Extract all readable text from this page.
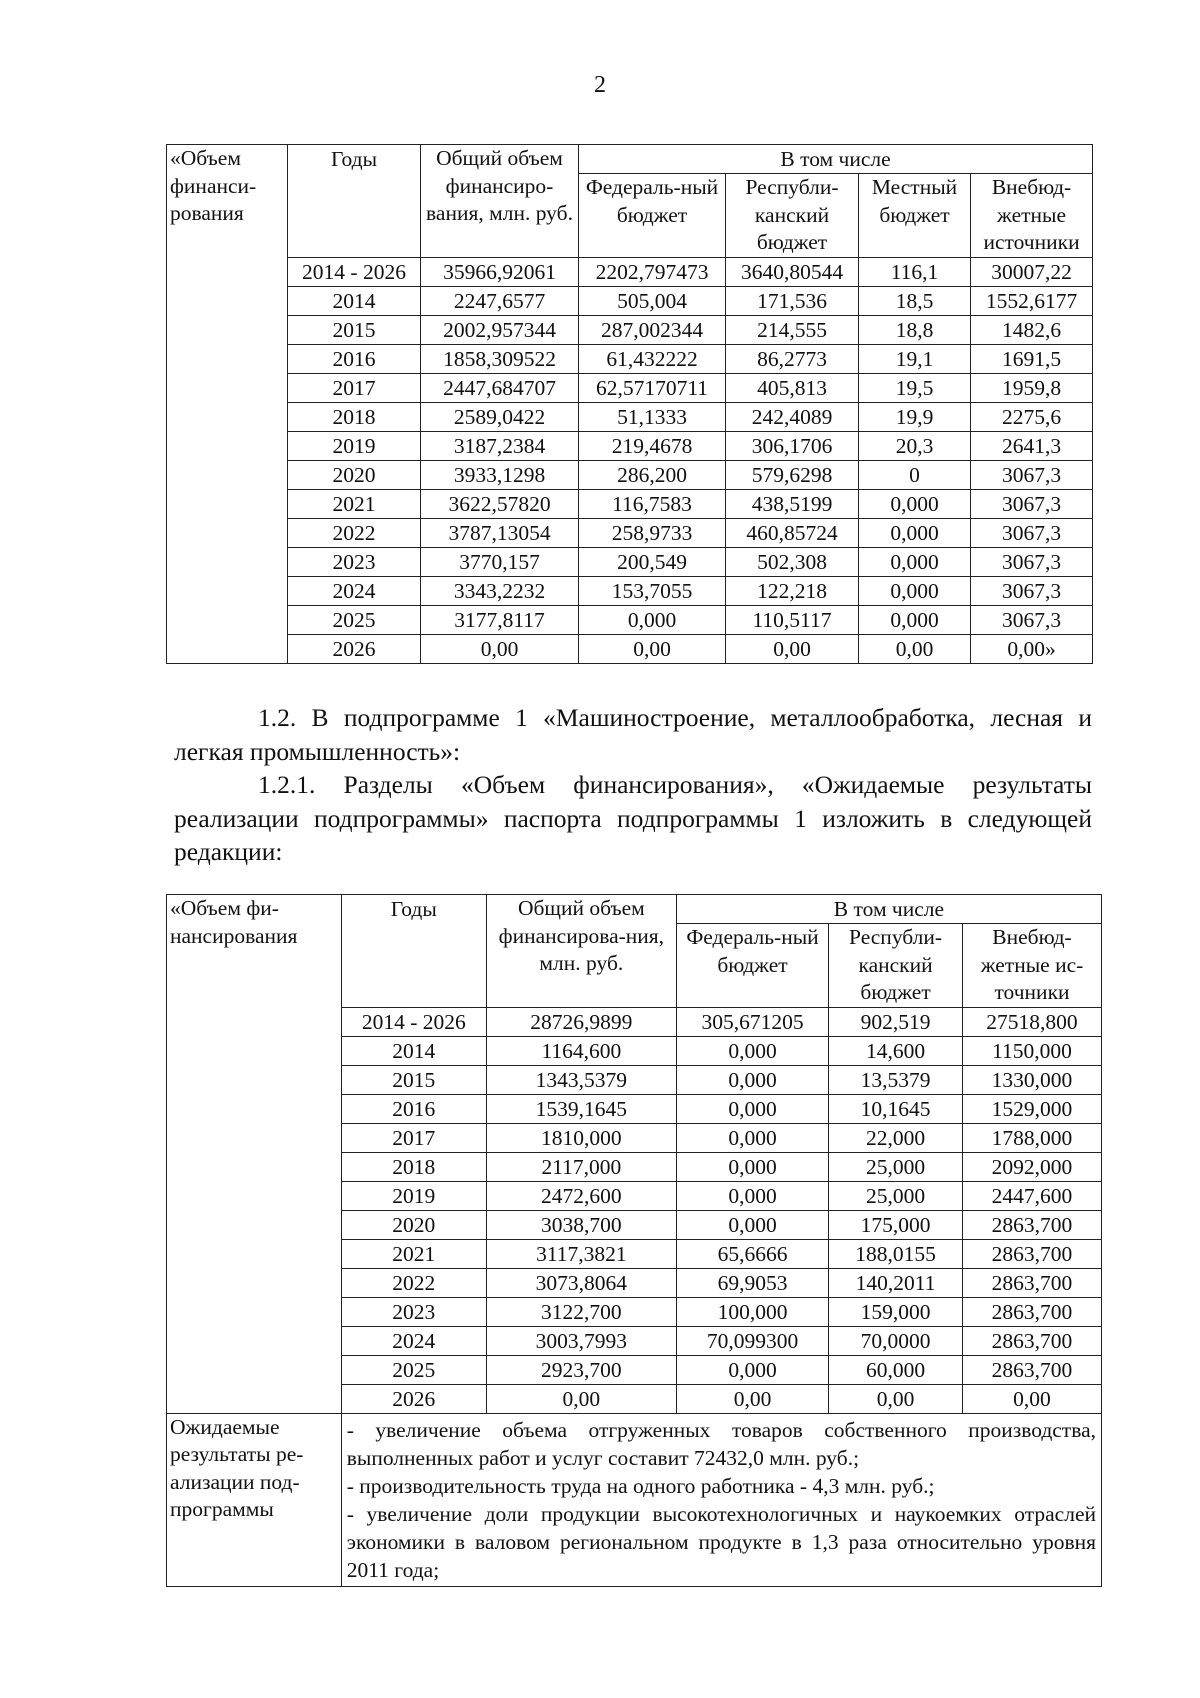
2
«Объем финанси-рования	Годы	Общий объем финансиро-вания, млн. руб.	В том числе			
			Федераль-ный бюджет	Республи-канский бюджет	Местный бюджет	Внебюд-жетные источники
	2014 - 2026	35966,92061	2202,797473	3640,80544	116,1	30007,22
	2014	2247,6577	505,004	171,536	18,5	1552,6177
	2015	2002,957344	287,002344	214,555	18,8	1482,6
	2016	1858,309522	61,432222	86,2773	19,1	1691,5
	2017	2447,684707	62,57170711	405,813	19,5	1959,8
	2018	2589,0422	51,1333	242,4089	19,9	2275,6
	2019	3187,2384	219,4678	306,1706	20,3	2641,3
	2020	3933,1298	286,200	579,6298	0	3067,3
	2021	3622,57820	116,7583	438,5199	0,000	3067,3
	2022	3787,13054	258,9733	460,85724	0,000	3067,3
	2023	3770,157	200,549	502,308	0,000	3067,3
	2024	3343,2232	153,7055	122,218	0,000	3067,3
	2025	3177,8117	0,000	110,5117	0,000	3067,3
	2026	0,00	0,00	0,00	0,00	0,00»
1.2. В подпрограмме 1 «Машиностроение, металлообработка, лесная и легкая промышленность»:
1.2.1. Разделы «Объем финансирования», «Ожидаемые результаты реализации подпрограммы» паспорта подпрограммы 1 изложить в следующей редакции:
«Объем фи-нансирования	Годы	Общий объем финансирова-ния, млн. руб.	В том числе		
			Федераль-ный бюджет	Республи-канский бюджет	Внебюд-жетные ис-точники
	2014 - 2026	28726,9899	305,671205	902,519	27518,800
	2014	1164,600	0,000	14,600	1150,000
	2015	1343,5379	0,000	13,5379	1330,000
	2016	1539,1645	0,000	10,1645	1529,000
	2017	1810,000	0,000	22,000	1788,000
	2018	2117,000	0,000	25,000	2092,000
	2019	2472,600	0,000	25,000	2447,600
	2020	3038,700	0,000	175,000	2863,700
	2021	3117,3821	65,6666	188,0155	2863,700
	2022	3073,8064	69,9053	140,2011	2863,700
	2023	3122,700	100,000	159,000	2863,700
	2024	3003,7993	70,099300	70,0000	2863,700
	2025	2923,700	0,000	60,000	2863,700
	2026	0,00	0,00	0,00	0,00
Ожидаемые результаты ре-ализации под-программы	- увеличение объема отгруженных товаров собственного производства, выполненных работ и услуг составит 72432,0 млн. руб.;
- производительность труда на одного работника - 4,3 млн. руб.;
- увеличение доли продукции высокотехнологичных и наукоемких отраслей экономики в валовом региональном продукте в 1,3 раза относительно уровня 2011 года;				
